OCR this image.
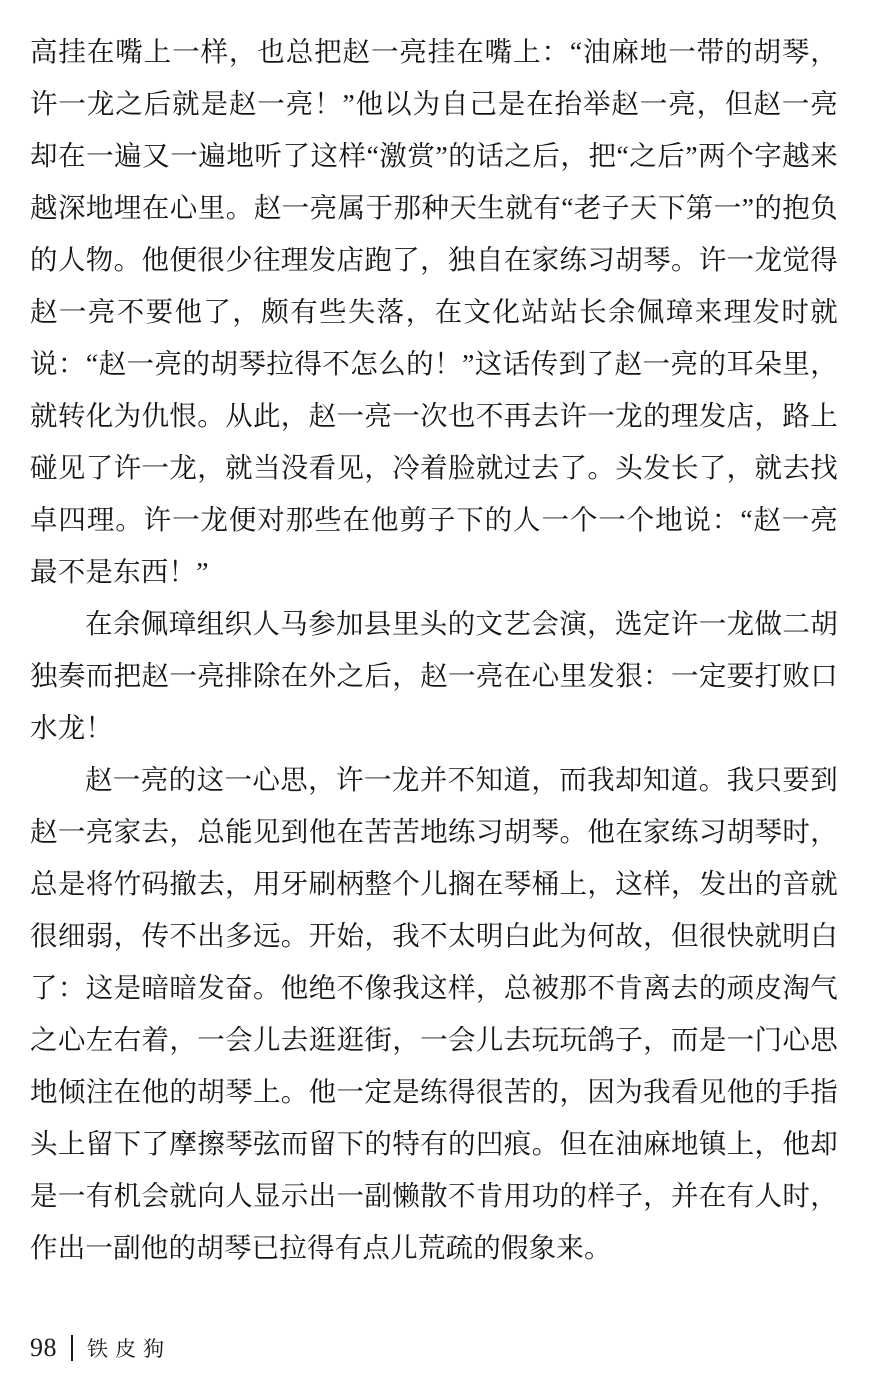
高挂在嘴上一样，也总把赵一亮挂在嘴上：“油麻地一带的胡琴，许一龙之后就是赵一亮！”他以为自己是在抬举赵一亮，但赵一亮却在一遍又一遍地听了这样“激赏”的话之后，把“之后”两个字越来越深地埋在心里。赵一亮属于那种天生就有“老子天下第一”的抱负的人物。他便很少往理发店跑了，独自在家练习胡琴。许一龙觉得赵一亮不要他了，颇有些失落，在文化站站长余佩璋来理发时就说：“赵一亮的胡琴拉得不怎么的！”这话传到了赵一亮的耳朵里，就转化为仇恨。从此，赵一亮一次也不再去许一龙的理发店，路上碰见了许一龙，就当没看见，冷着脸就过去了。头发长了，就去找卓四理。许一龙便对那些在他剪子下的人一个一个地说：“赵一亮最不是东西！”

在余佩璋组织人马参加县里头的文艺会演，选定许一龙做二胡独奏而把赵一亮排除在外之后，赵一亮在心里发狠：一定要打败口水龙！

赵一亮的这一心思，许一龙并不知道，而我却知道。我只要到赵一亮家去，总能见到他在苦苦地练习胡琴。他在家练习胡琴时，总是将竹码撤去，用牙刷柄整个儿搁在琴桶上，这样，发出的音就很细弱，传不出多远。开始，我不太明白此为何故，但很快就明白了：这是暗暗发奋。他绝不像我这样，总被那不肯离去的顽皮淘气之心左右着，一会儿去逛逛街，一会儿去玩玩鸽子，而是一门心思地倾注在他的胡琴上。他一定是练得很苦的，因为我看见他的手指头上留下了摩擦琴弦而留下的特有的凹痕。但在油麻地镇上，他却是一有机会就向人显示出一副懒散不肯用功的样子，并在有人时，作出一副他的胡琴已拉得有点儿荒疏的假象来。

98 铁皮狗
